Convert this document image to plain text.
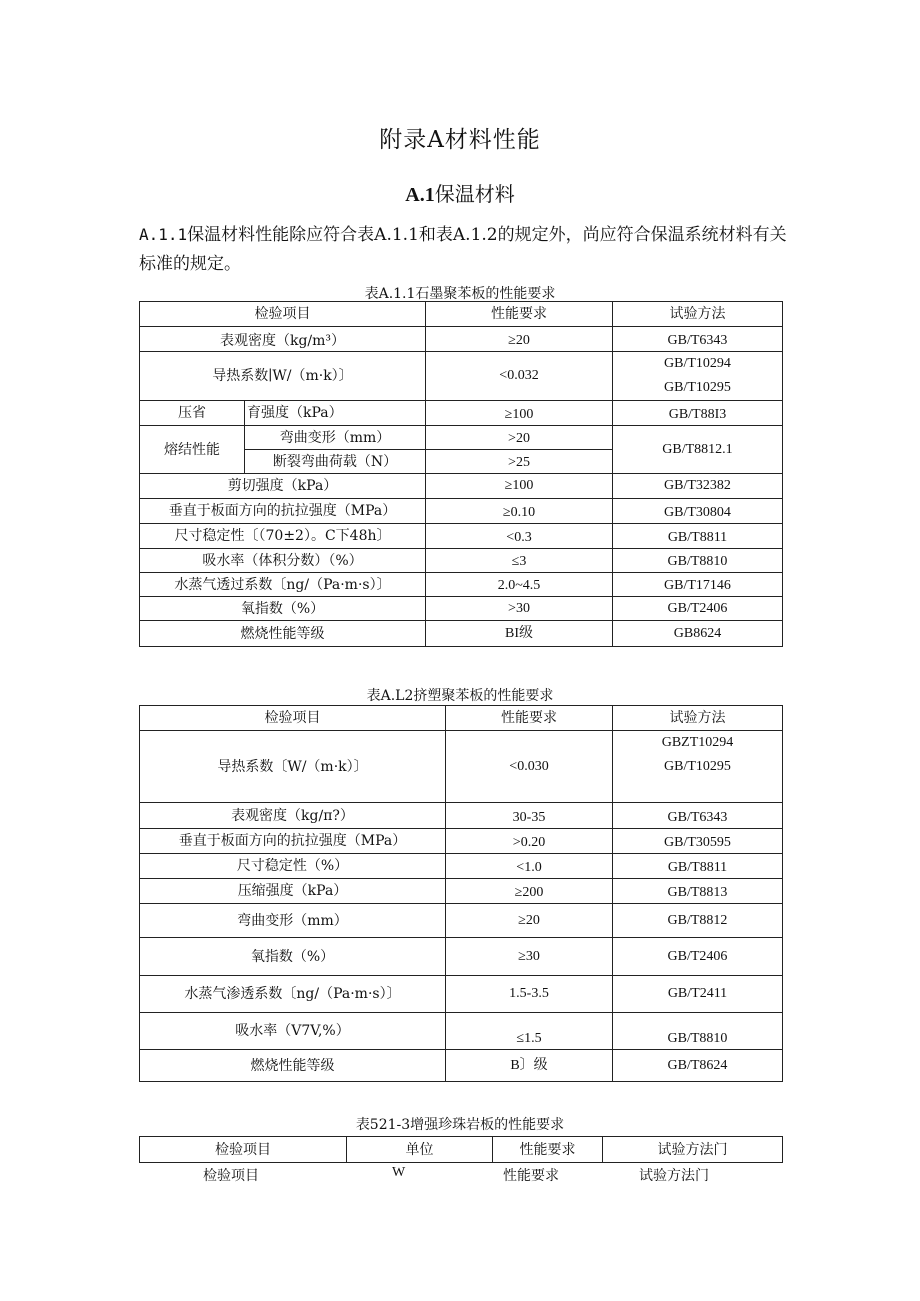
附录A材料性能
A.1保温材料
A.1.1保温材料性能除应符合表A.1.1和表A.1.2的规定外，尚应符合保温系统材料有关标准的规定。
表A.1.1石墨聚苯板的性能要求
检验项目		性能要求	试验方法
表观密度（kg∕m³）		≥20	GB/T6343
导热系数∣W/（m·k）〕		<0.032	GB/T10294
GB/T10295

压省	育强度（kPa）	≥100	GB/T88I3
熔结性能	弯曲变形（mm）	>20	GB/T8812.1
	断裂弯曲荷载（N）	>25	
剪切强度（kPa）		≥100	GB/T32382
垂直于板面方向的抗拉强度（MPa）		≥0.10	GB/T30804
尺寸稳定性〔（70±2）。C下48h〕		<0.3	GB/T8811
吸水率（体积分数）（%）		≤3	GB/T8810
水蒸气透过系数〔ng/（Pa·m·s）〕		2.0~4.5	GB/T17146
氧指数（%）		>30	GB/T2406
燃烧性能等级		BI级	GB8624
表A.L2挤塑聚苯板的性能要求
检验项目	性能要求	试验方法
导热系数〔W/（m·k）〕	<0.030	GBZT10294
GB/T10295

表观密度（kg∕π?）	30-35	GB/T6343
垂直于板面方向的抗拉强度（MPa）	>0.20	GB/T30595
尺寸稳定性（%）	<1.0	GB/T8811
压缩强度（kPa）	≥200	GB/T8813
弯曲变形（mm）	≥20	GB/T8812
氧指数（%）	≥30	GB/T2406
水蒸气渗透系数〔ng/（Pa·m·s）〕	1.5-3.5	GB/T2411
吸水率（V7V,%）	≤1.5	GB/T8810
燃烧性能等级	B〕级	GB/T8624
表521-3增强珍珠岩板的性能要求
检验项目	单位	性能要求	试验方法门
检验项目	W	性能要求	试验方法门
